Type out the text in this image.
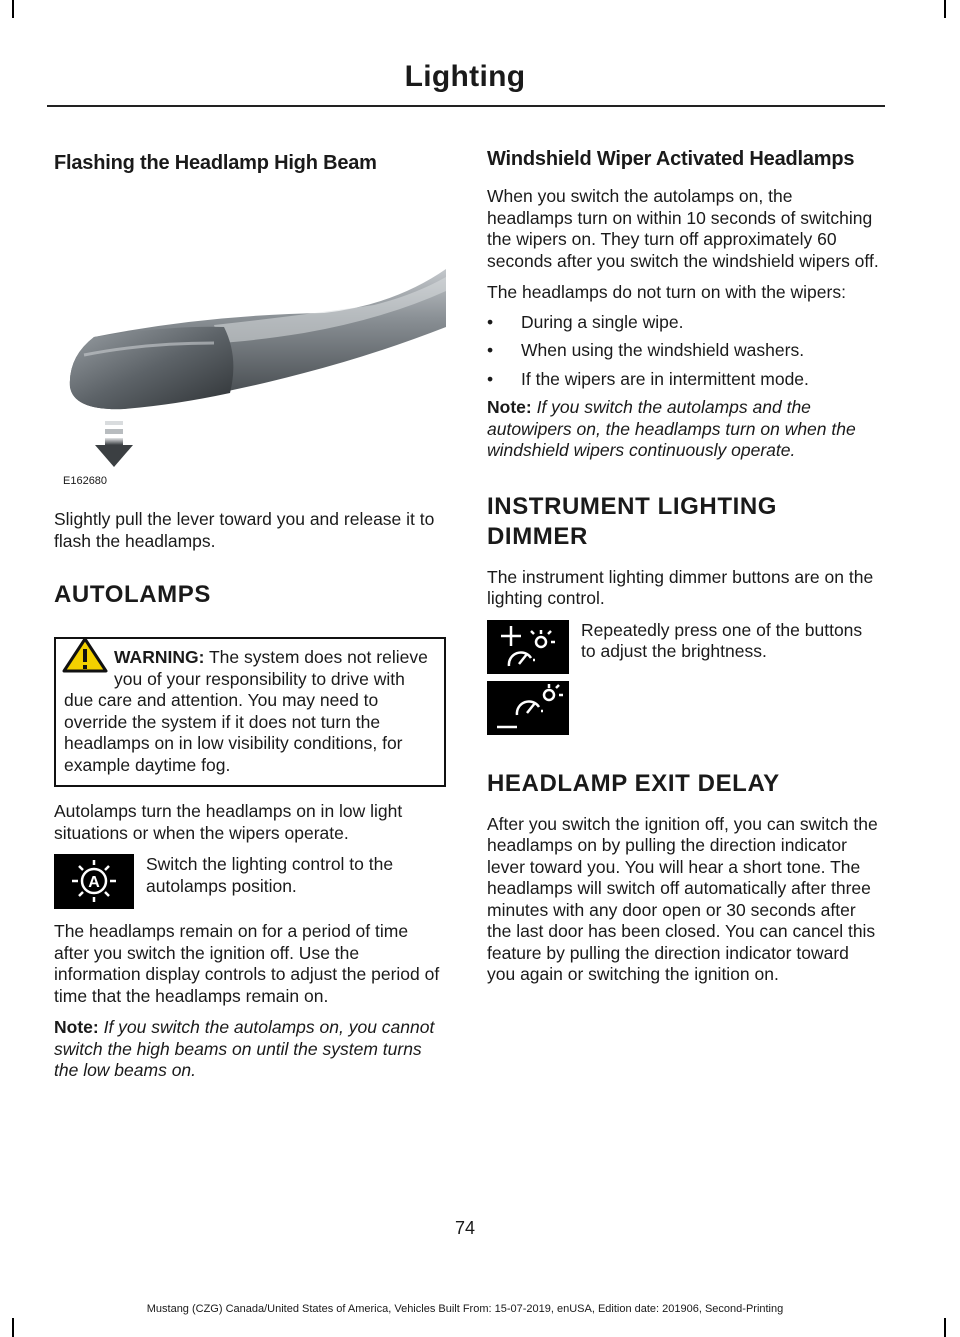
Lighting
Flashing the Headlamp High Beam
E162680

Slightly pull the lever toward you and release it to flash the headlamps.

AUTOLAMPS

WARNING: The system does not relieve you of your responsibility to drive with due care and attention. You may need to override the system if it does not turn the headlamps on in low visibility conditions, for example daytime fog.

Autolamps turn the headlamps on in low light situations or when the wipers operate.

A
Switch the lighting control to the autolamps position.

The headlamps remain on for a period of time after you switch the ignition off. Use the information display controls to adjust the period of time that the headlamps remain on.

Note: If you switch the autolamps on, you cannot switch the high beams on until the system turns the low beams on.

Windshield Wiper Activated Headlamps

When you switch the autolamps on, the headlamps turn on within 10 seconds of switching the wipers on. They turn off approximately 60 seconds after you switch the windshield wipers off.

The headlamps do not turn on with the wipers:

•	During a single wipe.
•	When using the windshield washers.
•	If the wipers are in intermittent mode.

Note: If you switch the autolamps and the autowipers on, the headlamps turn on when the windshield wipers continuously operate.

INSTRUMENT LIGHTING
DIMMER

The instrument lighting dimmer buttons are on the lighting control.

Repeatedly press one of the buttons to adjust the brightness.
HEADLAMP EXIT DELAY

After you switch the ignition off, you can switch the headlamps on by pulling the direction indicator lever toward you. You will hear a short tone. The headlamps will switch off automatically after three minutes with any door open or 30 seconds after the last door has been closed. You can cancel this feature by pulling the direction indicator toward you again or switching the ignition on.

74
Mustang (CZG) Canada/United States of America, Vehicles Built From: 15-07-2019, enUSA, Edition date: 201906, Second-Printing
